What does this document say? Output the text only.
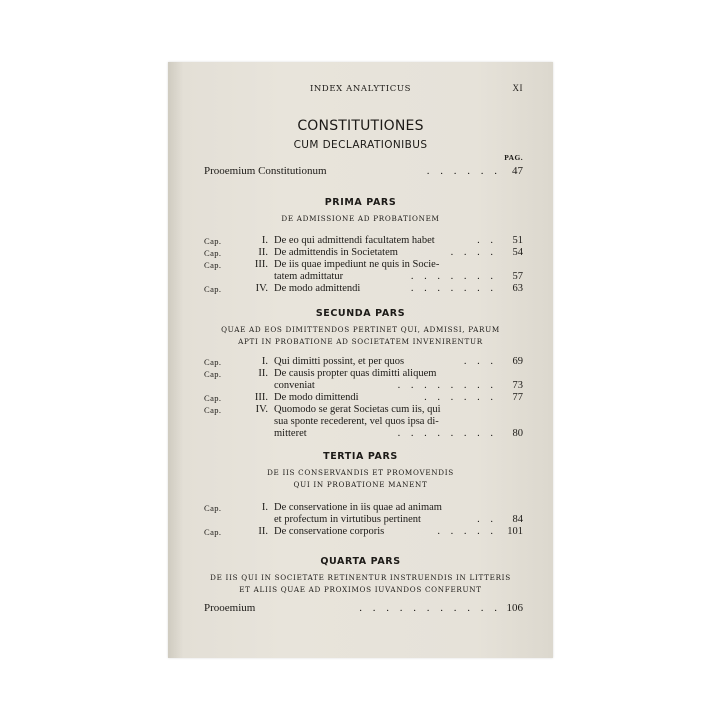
INDEX ANALYTICUS	XI
CONSTITUTIONES
CUM DECLARATIONIBUS
PAG.
Prooemium Constitutionum	. . . . . . 47
PRIMA PARS
DE ADMISSIONE AD PROBATIONEM
Cap.	I. De eo qui admittendi facultatem habet	. . 51
Cap.	II. De admittendis in Societatem	. . . . 54
Cap.	III. De iis quae impediunt ne quis in Socie-
tatem admittatur	. . . . . . . 57
Cap.	IV. De modo admittendi	. . . . . . . 63
SECUNDA PARS
QUAE AD EOS DIMITTENDOS PERTINET QUI, ADMISSI, PARUM
APTI IN PROBATIONE AD SOCIETATEM INVENIRENTUR
Cap.	I. Qui dimitti possint, et per quos	. . . 69
Cap.	II. De causis propter quas dimitti aliquem
conveniat	. . . . . . . . 73
Cap.	III. De modo dimittendi	. . . . . . 77
Cap.	IV. Quomodo se gerat Societas cum iis, qui
sua sponte recederent, vel quos ipsa di-
mitteret	. . . . . . . . 80
TERTIA PARS
DE IIS CONSERVANDIS ET PROMOVENDIS
QUI IN PROBATIONE MANENT
Cap.	I. De conservatione in iis quae ad animam
et profectum in virtutibus pertinent	. . 84
Cap.	II. De conservatione corporis	. . . . . 101
QUARTA PARS
DE IIS QUI IN SOCIETATE RETINENTUR INSTRUENDIS IN LITTERIS
ET ALIIS QUAE AD PROXIMOS IUVANDOS CONFERUNT
Prooemium	. . . . . . . . . . . 106
